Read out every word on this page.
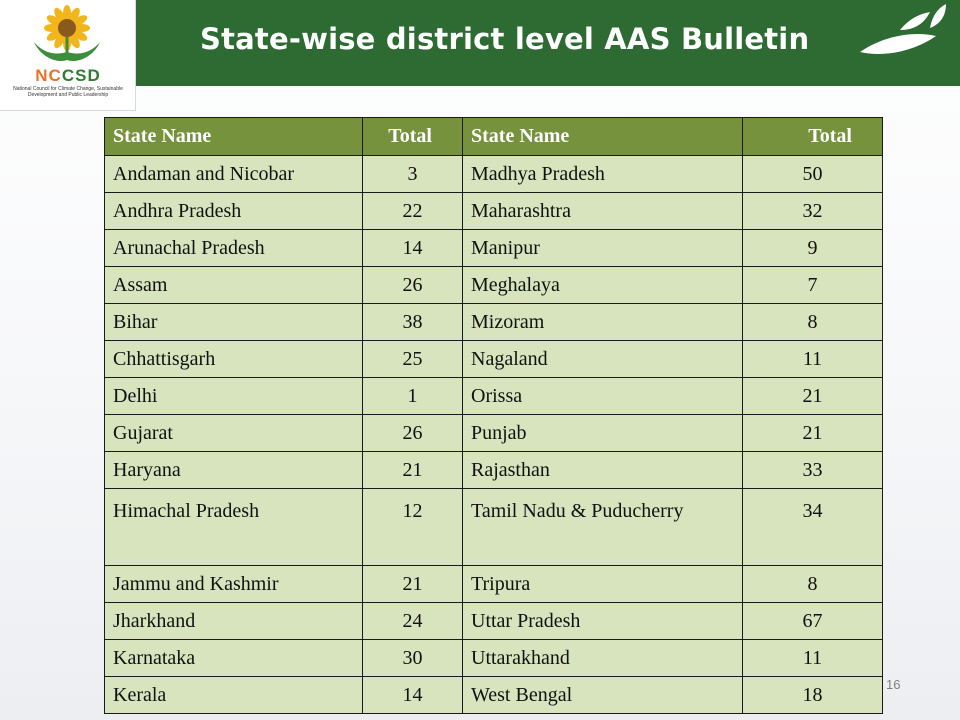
NCCSD
National Council for Climate Change, Sustainable Development and Public Leadership
State-wise district level AAS Bulletin
State Name	Total	State Name	Total
Andaman and Nicobar	3	Madhya Pradesh	50
Andhra Pradesh	22	Maharashtra	32
Arunachal Pradesh	14	Manipur	9
Assam	26	Meghalaya	7
Bihar	38	Mizoram	8
Chhattisgarh	25	Nagaland	11
Delhi	1	Orissa	21
Gujarat	26	Punjab	21
Haryana	21	Rajasthan	33
Himachal Pradesh	12	Tamil Nadu & Puducherry	34
Jammu and Kashmir	21	Tripura	8
Jharkhand	24	Uttar Pradesh	67
Karnataka	30	Uttarakhand	11
Kerala	14	West Bengal	18	16
